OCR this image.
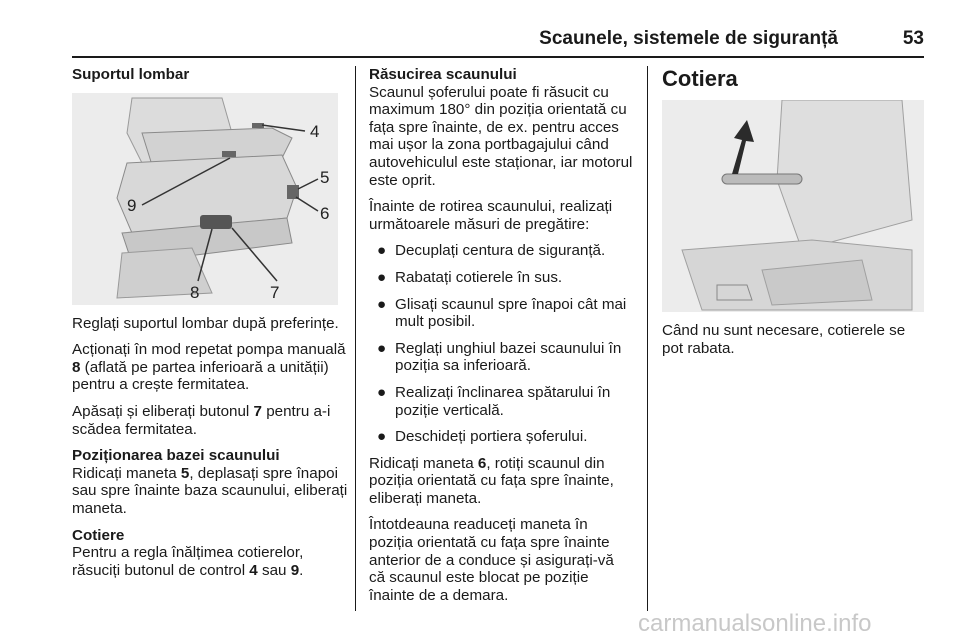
Scaunele, sistemele de siguranță	53

Suportul lombar

4
5
6
9
8	7

Reglați suportul lombar după preferințe.

Acționați în mod repetat pompa manuală 8 (aflată pe partea inferioară a unității) pentru a crește fermitatea.

Apăsați și eliberați butonul 7 pentru a-i scădea fermitatea.

Poziționarea bazei scaunului
Ridicați maneta 5, deplasați spre înapoi sau spre înainte baza scaunului, eliberați maneta.

Cotiere
Pentru a regla înălțimea cotierelor, răsuciți butonul de control 4 sau 9.

Răsucirea scaunului
Scaunul șoferului poate fi răsucit cu maximum 180° din poziția orientată cu fața spre înainte, de ex. pentru acces mai ușor la zona portbagajului când autovehiculul este staționar, iar motorul este oprit.

Înainte de rotirea scaunului, realizați următoarele măsuri de pregătire:

● Decuplați centura de siguranță.
● Rabatați cotierele în sus.
● Glisați scaunul spre înapoi cât mai mult posibil.
● Reglați unghiul bazei scaunului în poziția sa inferioară.
● Realizați înclinarea spătarului în poziție verticală.
● Deschideți portiera șoferului.

Ridicați maneta 6, rotiți scaunul din poziția orientată cu fața spre înainte, eliberați maneta.

Întotdeauna readuceți maneta în poziția orientată cu fața spre înainte anterior de a conduce și asigurați-vă că scaunul este blocat pe poziție înainte de a demara.

Cotiera

Când nu sunt necesare, cotierele se pot rabata.

carmanualsonline.info
